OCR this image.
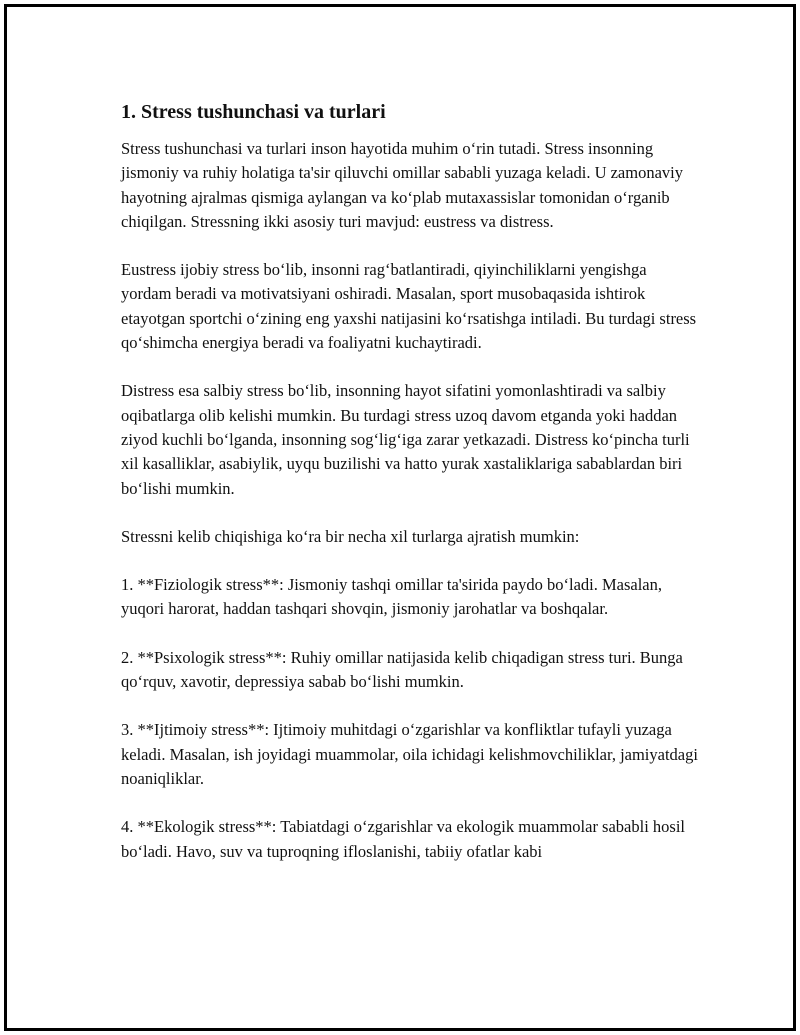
1. Stress tushunchasi va turlari

Stress tushunchasi va turlari inson hayotida muhim o‘rin tutadi. Stress insonning jismoniy va ruhiy holatiga ta'sir qiluvchi omillar sababli yuzaga keladi. U zamonaviy hayotning ajralmas qismiga aylangan va ko‘plab mutaxassislar tomonidan o‘rganib chiqilgan. Stressning ikki asosiy turi mavjud: eustress va distress.

Eustress ijobiy stress bo‘lib, insonni rag‘batlantiradi, qiyinchiliklarni yengishga yordam beradi va motivatsiyani oshiradi. Masalan, sport musobaqasida ishtirok etayotgan sportchi o‘zining eng yaxshi natijasini ko‘rsatishga intiladi. Bu turdagi stress qo‘shimcha energiya beradi va foaliyatni kuchaytiradi.

Distress esa salbiy stress bo‘lib, insonning hayot sifatini yomonlashtiradi va salbiy oqibatlarga olib kelishi mumkin. Bu turdagi stress uzoq davom etganda yoki haddan ziyod kuchli bo‘lganda, insonning sog‘lig‘iga zarar yetkazadi. Distress ko‘pincha turli xil kasalliklar, asabiylik, uyqu buzilishi va hatto yurak xastaliklariga sabablardan biri bo‘lishi mumkin.

Stressni kelib chiqishiga ko‘ra bir necha xil turlarga ajratish mumkin:

1. **Fiziologik stress**: Jismoniy tashqi omillar ta'sirida paydo bo‘ladi. Masalan, yuqori harorat, haddan tashqari shovqin, jismoniy jarohatlar va boshqalar.

2. **Psixologik stress**: Ruhiy omillar natijasida kelib chiqadigan stress turi. Bunga qo‘rquv, xavotir, depressiya sabab bo‘lishi mumkin.

3. **Ijtimoiy stress**: Ijtimoiy muhitdagi o‘zgarishlar va konfliktlar tufayli yuzaga keladi. Masalan, ish joyidagi muammolar, oila ichidagi kelishmovchiliklar, jamiyatdagi noaniqliklar.

4. **Ekologik stress**: Tabiatdagi o‘zgarishlar va ekologik muammolar sababli hosil bo‘ladi. Havo, suv va tuproqning ifloslanishi, tabiiy ofatlar kabi
